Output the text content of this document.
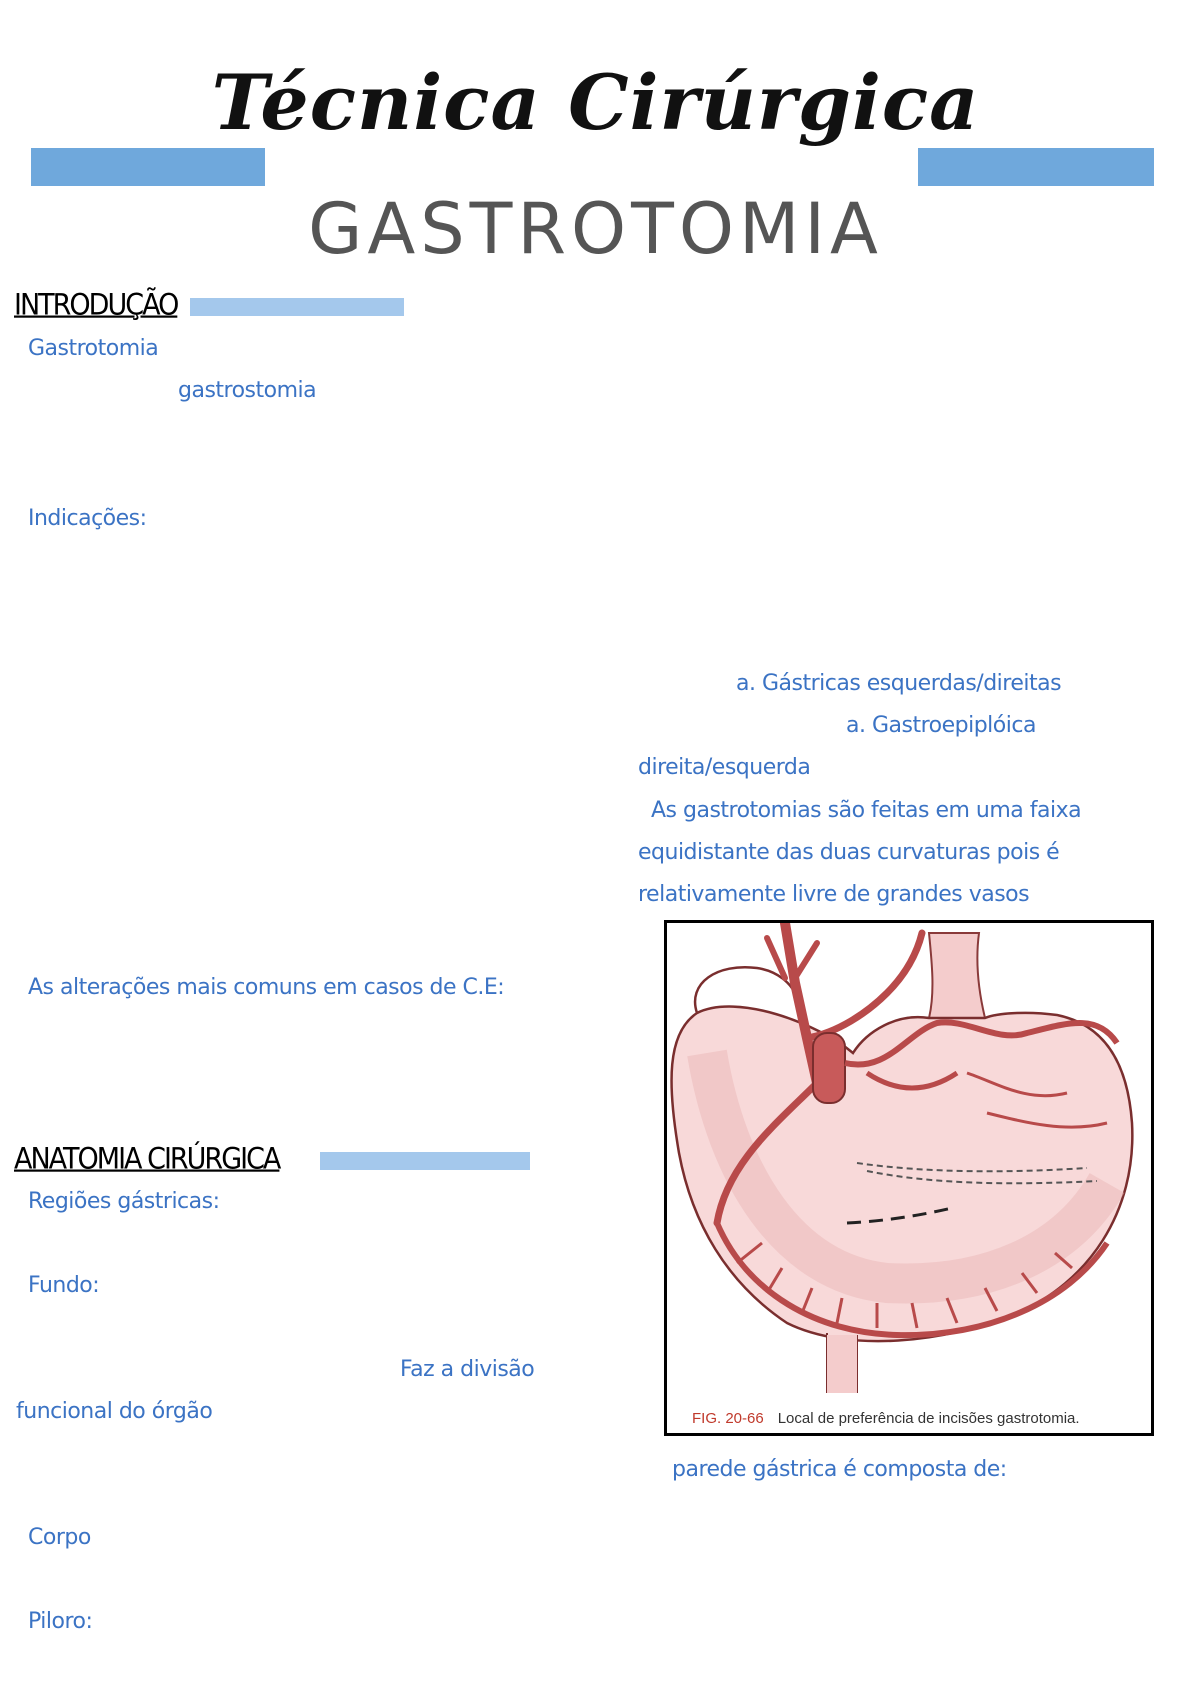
Técnica Cirúrgica
GASTROTOMIA
INTRODUÇÃO
Gastrotomia
gastrostomia
Indicações:
a. Gástricas esquerdas/direitas
a. Gastroepiplóica
direita/esquerda
As gastrotomias são feitas em uma faixa
equidistante das duas curvaturas pois é
relativamente livre de grandes vasos
As alterações mais comuns em casos de C.E:
FIG. 20-66 Local de preferência de incisões gastrotomia.
ANATOMIA CIRÚRGICA
Regiões gástricas:
Fundo:
Faz a divisão
funcional do órgão
parede gástrica é composta de:
Corpo
Piloro:
